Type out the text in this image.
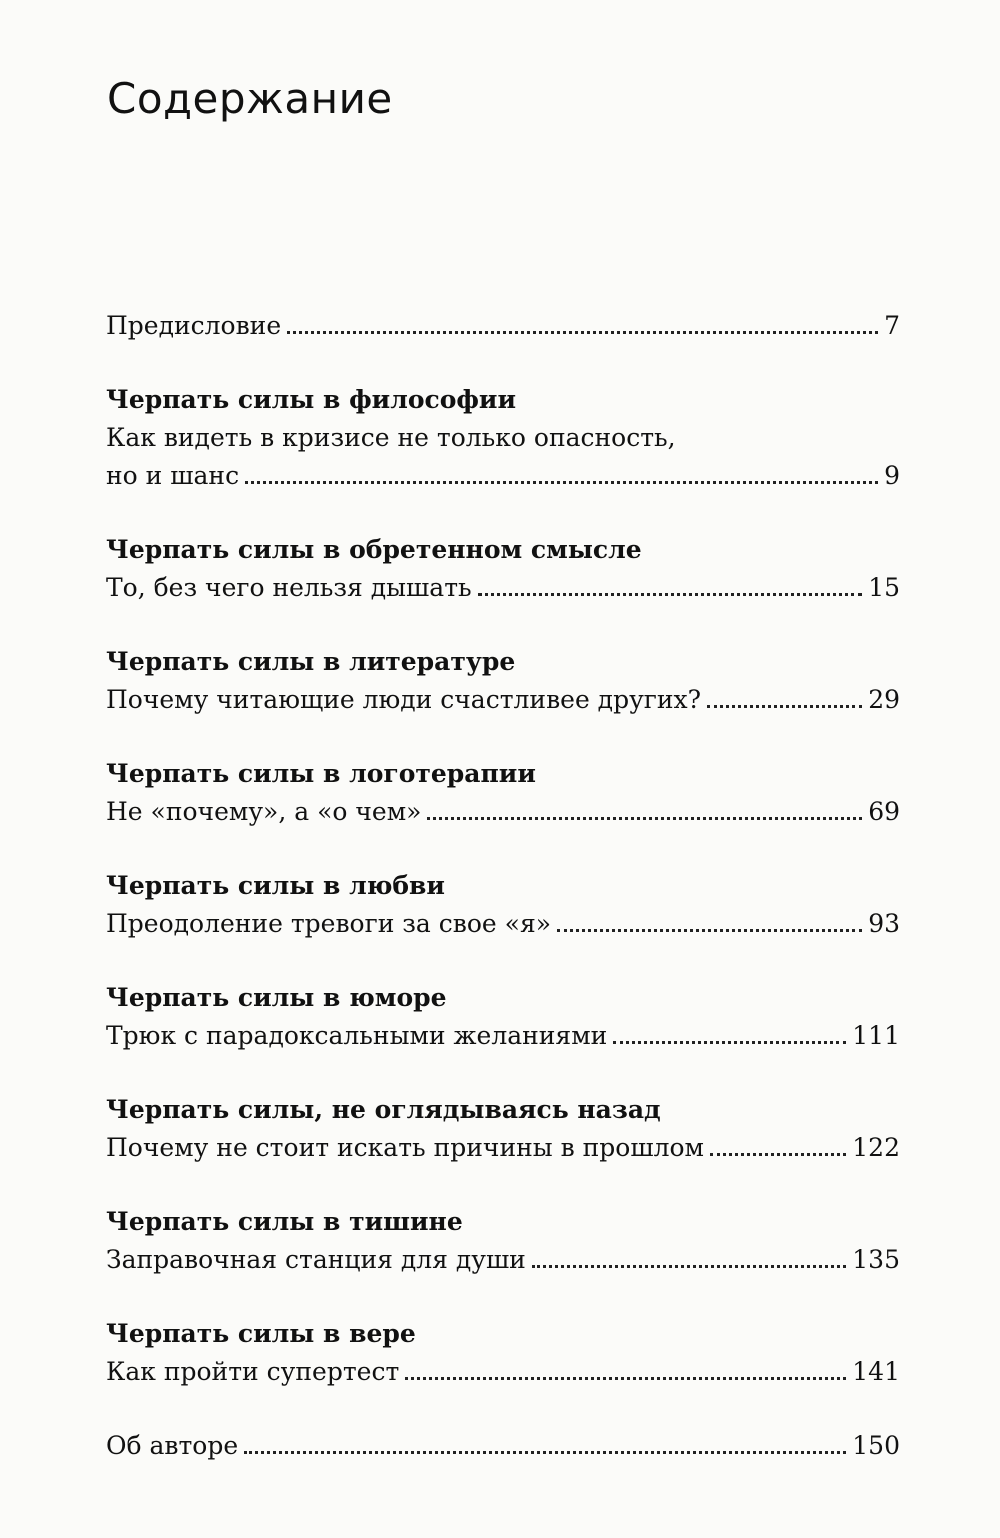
Содержание
Предисловие	7
Черпать силы в философии
Как видеть в кризисе не только опасность,
но и шанс	9
Черпать силы в обретенном смысле
То, без чего нельзя дышать	15
Черпать силы в литературе
Почему читающие люди счастливее других?	29
Черпать силы в логотерапии
Не «почему», а «о чем»	69
Черпать силы в любви
Преодоление тревоги за свое «я»	93
Черпать силы в юморе
Трюк с парадоксальными желаниями	111
Черпать силы, не оглядываясь назад
Почему не стоит искать причины в прошлом	122
Черпать силы в тишине
Заправочная станция для души	135
Черпать силы в вере
Как пройти супертест	141
Об авторе	150
